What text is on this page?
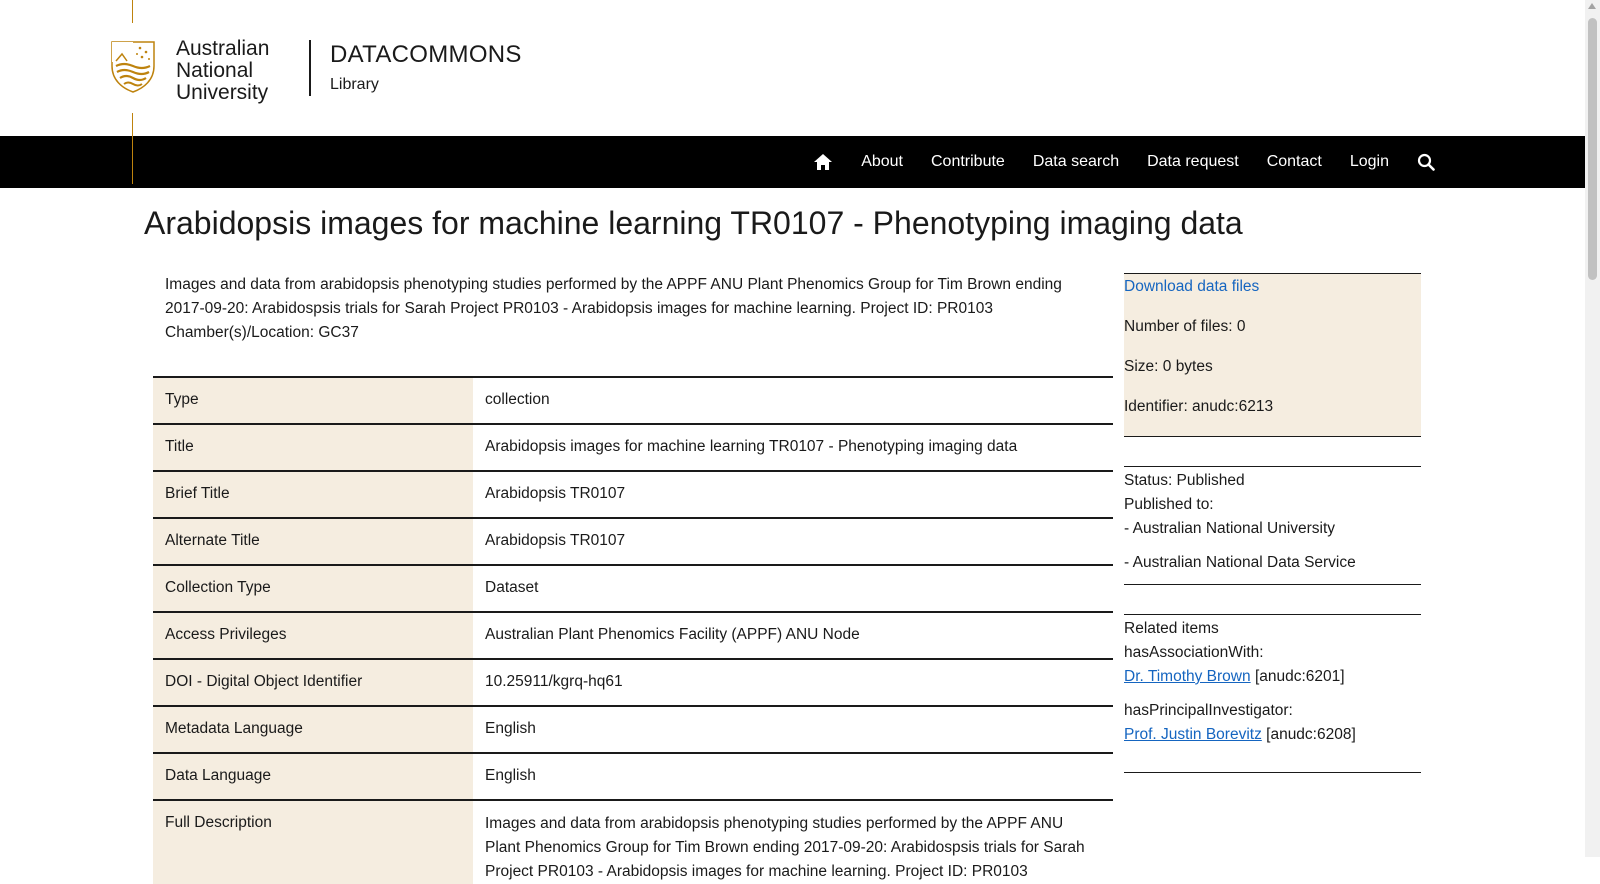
Australian
National
University
DATACOMMONS
Library
About Contribute Data search Data request Contact Login
Arabidopsis images for machine learning TR0107 - Phenotyping imaging data
Images and data from arabidopsis phenotyping studies performed by the APPF ANU Plant Phenomics Group for Tim Brown ending 2017-09-20: Arabidospsis trials for Sarah Project PR0103 - Arabidopsis images for machine learning. Project ID: PR0103 Chamber(s)/Location: GC37
Type	collection
Title	Arabidopsis images for machine learning TR0107 - Phenotyping imaging data
Brief Title	Arabidopsis TR0107
Alternate Title	Arabidopsis TR0107
Collection Type	Dataset
Access Privileges	Australian Plant Phenomics Facility (APPF) ANU Node
DOI - Digital Object Identifier	10.25911/kgrq-hq61
Metadata Language	English
Data Language	English
Full Description	Images and data from arabidopsis phenotyping studies performed by the APPF ANU Plant Phenomics Group for Tim Brown ending 2017-09-20: Arabidospsis trials for Sarah Project PR0103 - Arabidopsis images for machine learning. Project ID: PR0103
Download data files
Number of files: 0
Size: 0 bytes
Identifier: anudc:6213
Status: Published
Published to:
- Australian National University
- Australian National Data Service
Related items
hasAssociationWith:
Dr. Timothy Brown [anudc:6201]
hasPrincipalInvestigator:
Prof. Justin Borevitz [anudc:6208]
